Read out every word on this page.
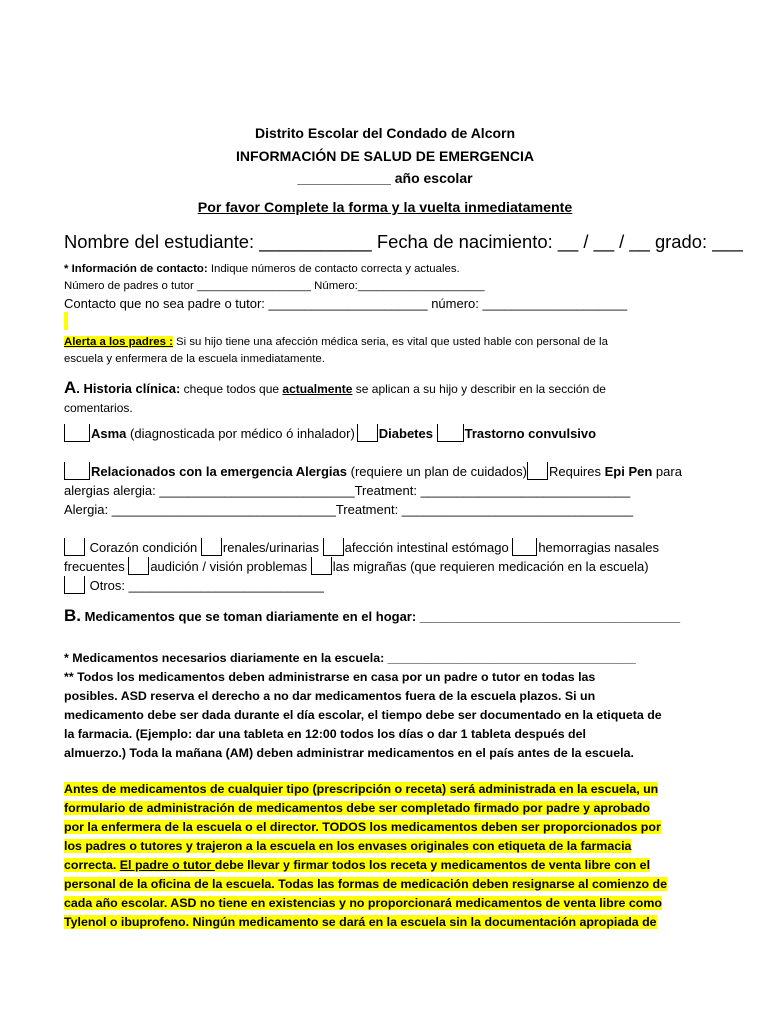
Distrito Escolar del Condado de Alcorn
INFORMACIÓN DE SALUD DE EMERGENCIA
____________ año escolar
Por favor Complete la forma y la vuelta inmediatamente
Nombre del estudiante: ___________ Fecha de nacimiento: __ / __ / __ grado: ___
* Información de contacto: Indique números de contacto correcta y actuales.
Número de padres o tutor __________________ Número:____________________
Contacto que no sea padre o tutor: ______________________ número: ____________________
Alerta a los padres : Si su hijo tiene una afección médica seria, es vital que usted hable con personal de la
escuela y enfermera de la escuela inmediatamente.
A. Historia clínica: cheque todos que actualmente se aplican a su hijo y describir en la sección de
comentarios.
Asma (diagnosticada por médico ó inhalador) Diabetes Trastorno convulsivo
Relacionados con la emergencia Alergias (requiere un plan de cuidados) Requires Epi Pen para
alergias alergia: ___________________________Treatment: _____________________________
Alergia: _______________________________Treatment: ________________________________
Corazón condición renales/urinarias afección intestinal estómago hemorragias nasales
frecuentes audición / visión problemas las migrañas (que requieren medicación en la escuela)
Otros: ___________________________
B. Medicamentos que se toman diariamente en el hogar: ____________________________________
* Medicamentos necesarios diariamente en la escuela: ____________________________________
** Todos los medicamentos deben administrarse en casa por un padre o tutor en todas las
posibles. ASD reserva el derecho a no dar medicamentos fuera de la escuela plazos. Si un
medicamento debe ser dada durante el día escolar, el tiempo debe ser documentado en la etiqueta de
la farmacia. (Ejemplo: dar una tableta en 12:00 todos los días o dar 1 tableta después del
almuerzo.) Toda la mañana (AM) deben administrar medicamentos en el país antes de la escuela.
Antes de medicamentos de cualquier tipo (prescripción o receta) será administrada en la escuela, un
formulario de administración de medicamentos debe ser completado firmado por padre y aprobado
por la enfermera de la escuela o el director. TODOS los medicamentos deben ser proporcionados por
los padres o tutores y trajeron a la escuela en los envases originales con etiqueta de la farmacia
correcta. El padre o tutor debe llevar y firmar todos los receta y medicamentos de venta libre con el
personal de la oficina de la escuela. Todas las formas de medicación deben resignarse al comienzo de
cada año escolar. ASD no tiene en existencias y no proporcionará medicamentos de venta libre como
Tylenol o ibuprofeno. Ningún medicamento se dará en la escuela sin la documentación apropiada de
